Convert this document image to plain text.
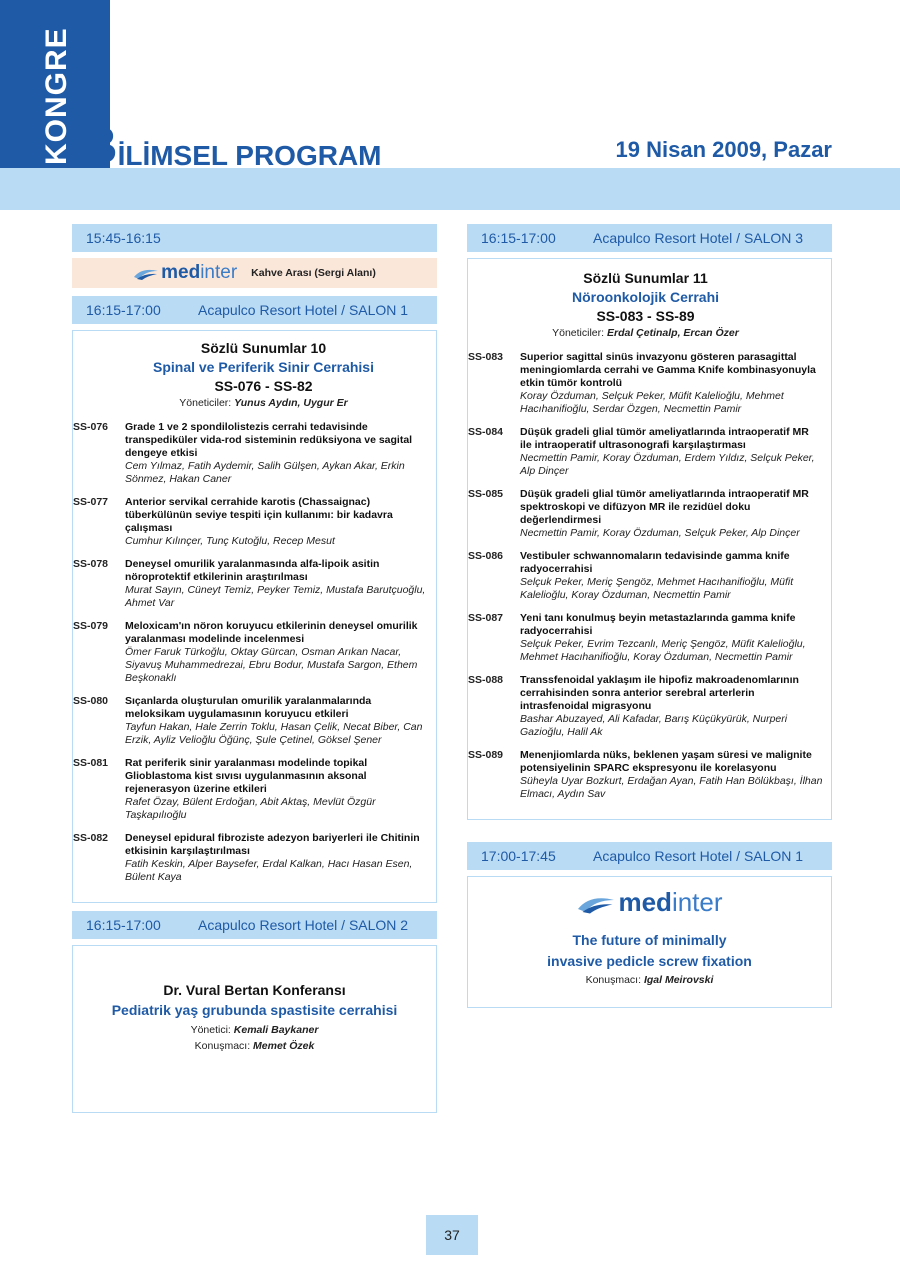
KONGRE BİLİMSEL PROGRAM	19 Nisan 2009, Pazar
15:45-16:15
med inter Kahve Arası (Sergi Alanı)
16:15-17:00	Acapulco Resort Hotel / SALON 1
Sözlü Sunumlar 10
Spinal ve Periferik Sinir Cerrahisi
SS-076 - SS-82
Yöneticiler: Yunus Aydın, Uygur Er
SS-076	Grade 1 ve 2 spondilolistezis cerrahi tedavisinde transpediküler vida-rod sisteminin redüksiyona ve sagital dengeye etkisi
Cem Yılmaz, Fatih Aydemir, Salih Gülşen, Aykan Akar, Erkin Sönmez, Hakan Caner
SS-077	Anterior servikal cerrahide karotis (Chassaignac) tüberkülünün seviye tespiti için kullanımı: bir kadavra çalışması
Cumhur Kılınçer, Tunç Kutoğlu, Recep Mesut
SS-078	Deneysel omurilik yaralanmasında alfa-lipoik asitin nöroprotektif etkilerinin araştırılması
Murat Sayın, Cüneyt Temiz, Peyker Temiz, Mustafa Barutçuoğlu, Ahmet Var
SS-079	Meloxicam'ın nöron koruyucu etkilerinin deneysel omurilik yaralanması modelinde incelenmesi
Ömer Faruk Türkoğlu, Oktay Gürcan, Osman Arıkan Nacar, Siyavuş Muhammedrezai, Ebru Bodur, Mustafa Sargon, Ethem Beşkonaklı
SS-080	Sıçanlarda oluşturulan omurilik yaralanmalarında meloksikam uygulamasının koruyucu etkileri
Tayfun Hakan, Hale Zerrin Toklu, Hasan Çelik, Necat Biber, Can Erzik, Ayliz Velioğlu Öğünç, Şule Çetinel, Göksel Şener
SS-081	Rat periferik sinir yaralanması modelinde topikal Glioblastoma kist sıvısı uygulanmasının aksonal rejenerasyon üzerine etkileri
Rafet Özay, Bülent Erdoğan, Abit Aktaş, Mevlüt Özgür Taşkapılıoğlu
SS-082	Deneysel epidural fibroziste adezyon bariyerleri ile Chitinin etkisinin karşılaştırılması
Fatih Keskin, Alper Baysefer, Erdal Kalkan, Hacı Hasan Esen, Bülent Kaya
16:15-17:00	Acapulco Resort Hotel / SALON 2
Dr. Vural Bertan Konferansı
Pediatrik yaş grubunda spastisite cerrahisi
Yönetici: Kemali Baykaner
Konuşmacı: Memet Özek
16:15-17:00	Acapulco Resort Hotel / SALON 3
Sözlü Sunumlar 11
Nöroonkolojik Cerrahi
SS-083 - SS-89
Yöneticiler: Erdal Çetinalp, Ercan Özer
SS-083	Superior sagittal sinüs invazyonu gösteren parasagittal meningiomlarda cerrahi ve Gamma Knife kombinasyonuyla etkin tümör kontrolü
Koray Özduman, Selçuk Peker, Müfit Kalelioğlu, Mehmet Hacıhanifioğlu, Serdar Özgen, Necmettin Pamir
SS-084	Düşük gradeli glial tümör ameliyatlarında intraoperatif MR ile intraoperatif ultrasonografi karşılaştırması
Necmettin Pamir, Koray Özduman, Erdem Yıldız, Selçuk Peker, Alp Dinçer
SS-085	Düşük gradeli glial tümör ameliyatlarında intraoperatif MR spektroskopi ve difüzyon MR ile rezidüel doku değerlendirmesi
Necmettin Pamir, Koray Özduman, Selçuk Peker, Alp Dinçer
SS-086	Vestibuler schwannomaların tedavisinde gamma knife radyocerrahisi
Selçuk Peker, Meriç Şengöz, Mehmet Hacıhanifioğlu, Müfit Kalelioğlu, Koray Özduman, Necmettin Pamir
SS-087	Yeni tanı konulmuş beyin metastazlarında gamma knife radyocerrahisi
Selçuk Peker, Evrim Tezcanlı, Meriç Şengöz, Müfit Kalelioğlu, Mehmet Hacıhanifioğlu, Koray Özduman, Necmettin Pamir
SS-088	Transsfenoidal yaklaşım ile hipofiz makroadenomlarının cerrahisinden sonra anterior serebral arterlerin intrasfenoidal migrasyonu
Bashar Abuzayed, Ali Kafadar, Barış Küçükyürük, Nurperi Gazioğlu, Halil Ak
SS-089	Menenjiomlarda nüks, beklenen yaşam süresi ve malignite potensiyelinin SPARC ekspresyonu ile korelasyonu
Süheyla Uyar Bozkurt, Erdağan Ayan, Fatih Han Bölükbaşı, İlhan Elmacı, Aydın Sav
17:00-17:45	Acapulco Resort Hotel / SALON 1
med inter
The future of minimally
invasive pedicle screw fixation
Konuşmacı: Igal Meirovski
37
